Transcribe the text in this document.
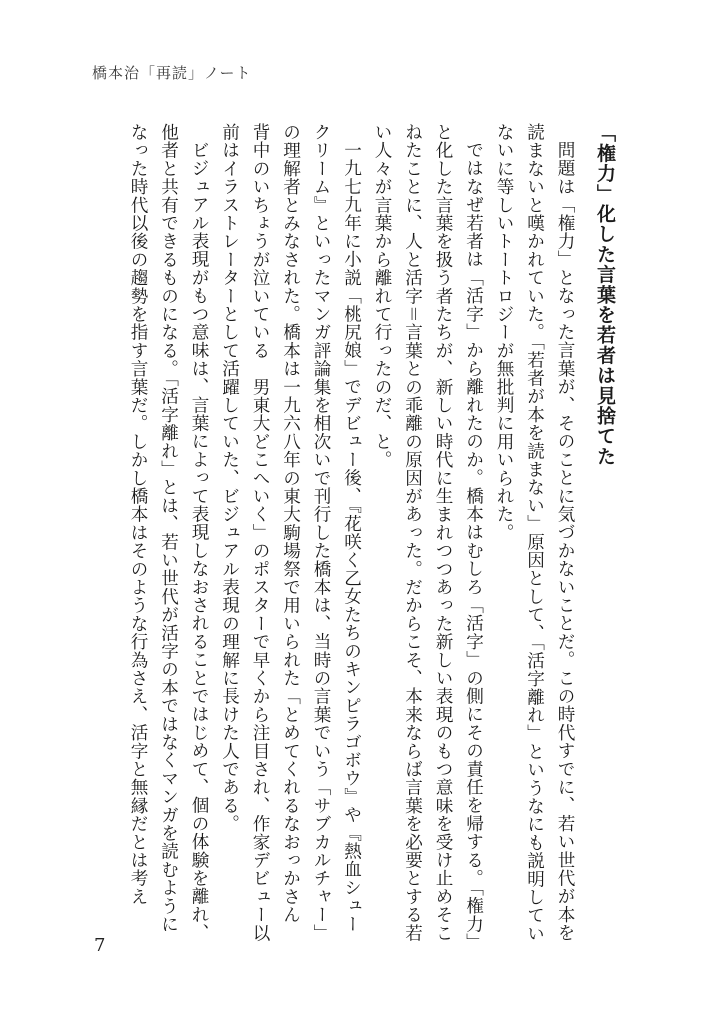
橋本治「再読」ノート
「権力」化した言葉を若者は見捨てた

問題は「権力」となった言葉が、そのことに気づかないことだ。この時代すでに、若い世代が本を読まないと嘆かれていた。「若者が本を読まない」原因として、「活字離れ」というなにも説明していないに等しいトートロジーが無批判に用いられた。

ではなぜ若者は「活字」から離れたのか。橋本はむしろ「活字」の側にその責任を帰する。「権力」と化した言葉を扱う者たちが、新しい時代に生まれつつあった新しい表現のもつ意味を受け止めそこねたことに、人と活字＝言葉との乖離の原因があった。だからこそ、本来ならば言葉を必要とする若い人々が言葉から離れて行ったのだ、と。

一九七九年に小説「桃尻娘」でデビュー後、『花咲く乙女たちのキンピラゴボウ』や『熱血シュークリーム』といったマンガ評論集を相次いで刊行した橋本は、当時の言葉でいう「サブカルチャー」の理解者とみなされた。橋本は一九六八年の東大駒場祭で用いられた「とめてくれるなおっかさん　背中のいちょうが泣いている　男東大どこへいく」のポスターで早くから注目され、作家デビュー以前はイラストレーターとして活躍していた、ビジュアル表現の理解に長けた人である。

ビジュアル表現がもつ意味は、言葉によって表現しなおされることではじめて、個の体験を離れ、他者と共有できるものになる。「活字離れ」とは、若い世代が活字の本ではなくマンガを読むようになった時代以後の趨勢を指す言葉だ。しかし橋本はそのような行為さえ、活字と無縁だとは考え

7
